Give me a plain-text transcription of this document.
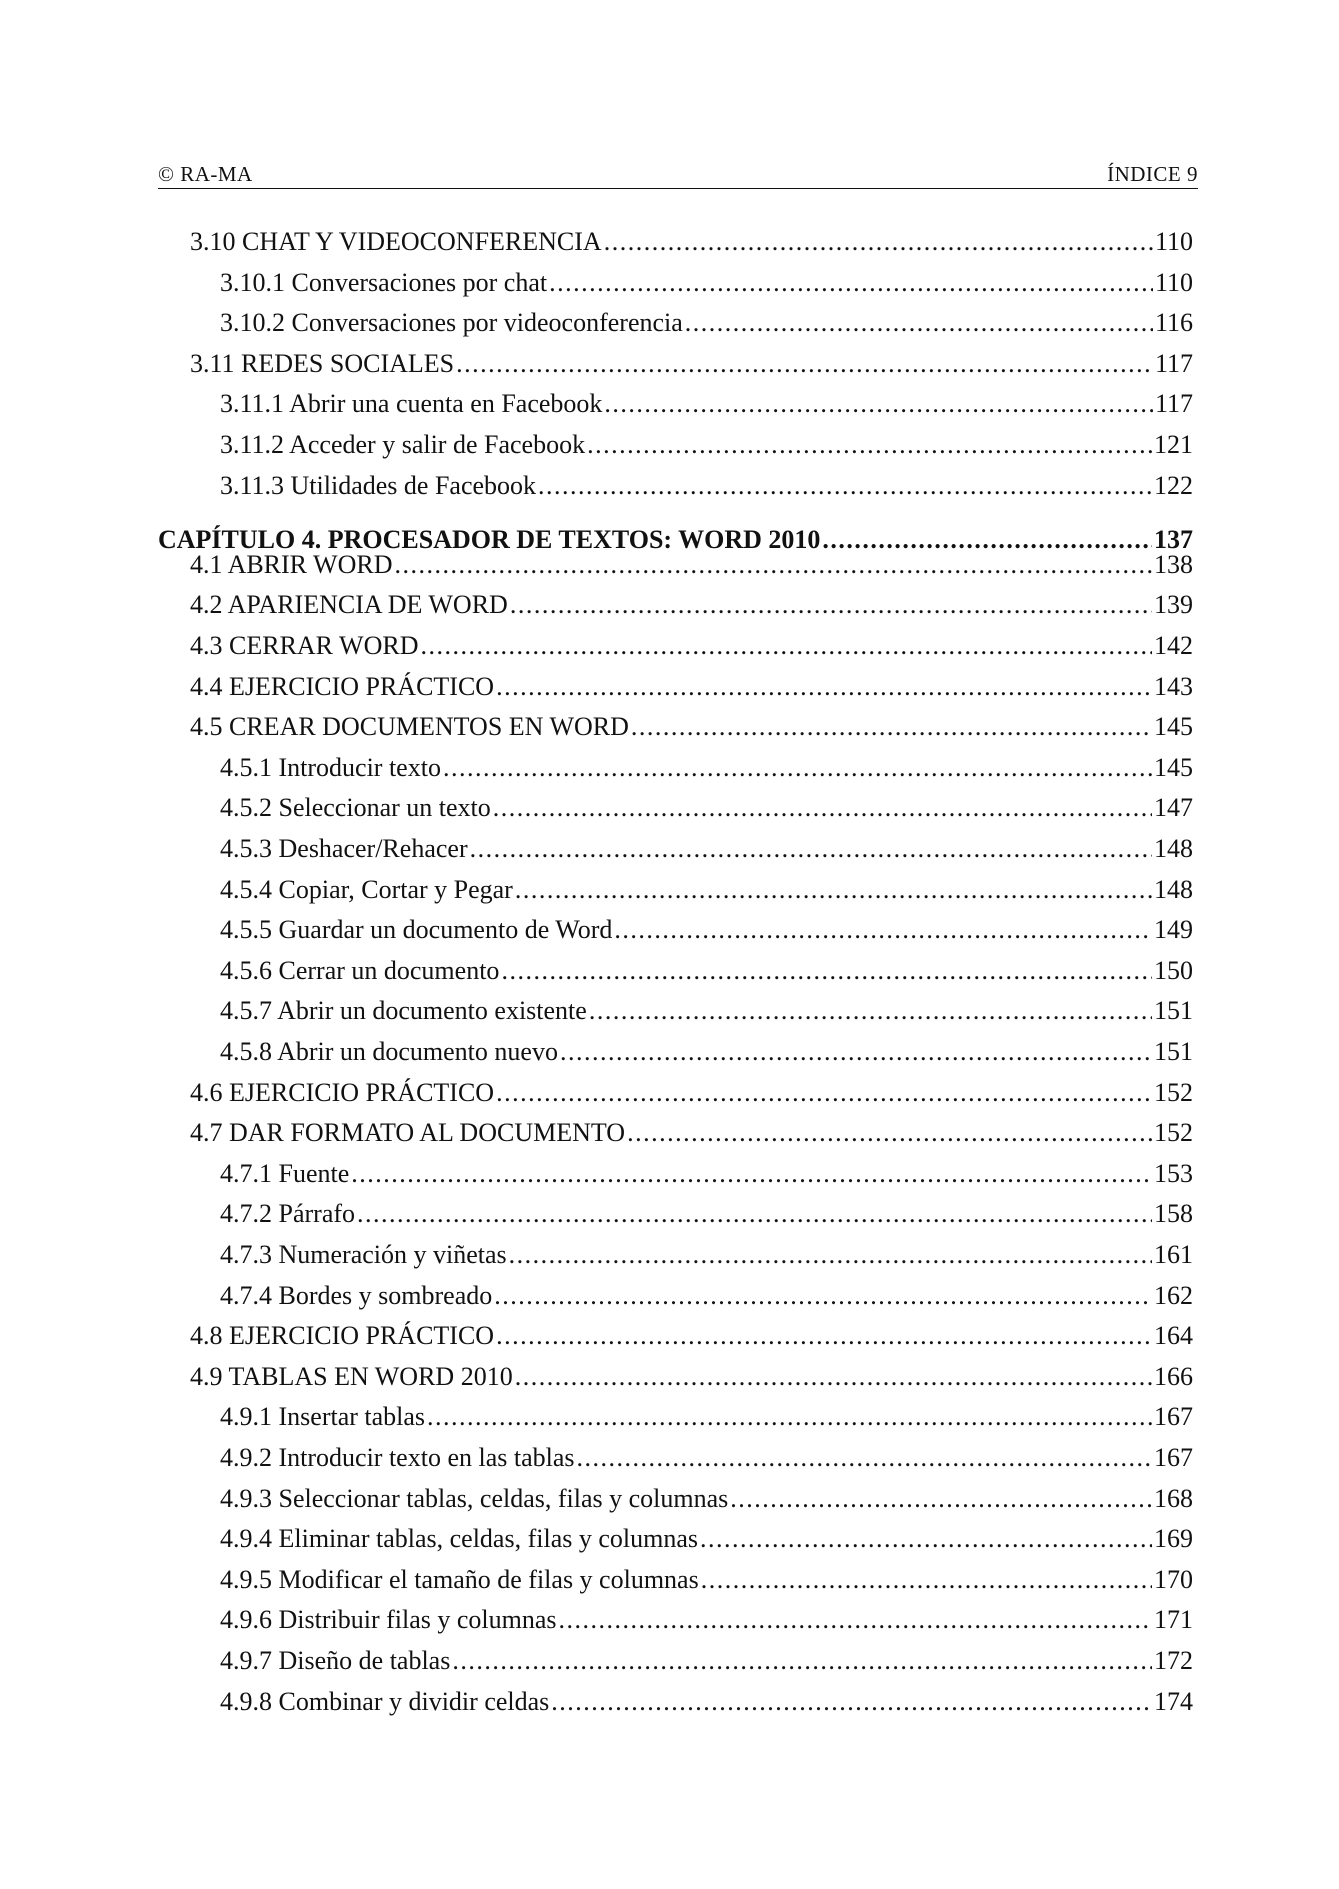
© RA-MA	ÍNDICE 9
3.10 CHAT Y VIDEOCONFERENCIA .....	110
3.10.1 Conversaciones por chat .....	110
3.10.2 Conversaciones por videoconferencia .....	116
3.11 REDES SOCIALES .....	117
3.11.1 Abrir una cuenta en Facebook .....	117
3.11.2 Acceder y salir de Facebook .....	121
3.11.3 Utilidades de Facebook .....	122
CAPÍTULO 4. PROCESADOR DE TEXTOS: WORD 2010 .....	137
4.1 ABRIR WORD .....	138
4.2 APARIENCIA DE WORD .....	139
4.3 CERRAR WORD .....	142
4.4 EJERCICIO PRÁCTICO .....	143
4.5 CREAR DOCUMENTOS EN WORD .....	145
4.5.1 Introducir texto .....	145
4.5.2 Seleccionar un texto .....	147
4.5.3 Deshacer/Rehacer .....	148
4.5.4 Copiar, Cortar y Pegar .....	148
4.5.5 Guardar un documento de Word .....	149
4.5.6 Cerrar un documento .....	150
4.5.7 Abrir un documento existente .....	151
4.5.8 Abrir un documento nuevo .....	151
4.6 EJERCICIO PRÁCTICO .....	152
4.7 DAR FORMATO AL DOCUMENTO .....	152
4.7.1 Fuente .....	153
4.7.2 Párrafo .....	158
4.7.3 Numeración y viñetas .....	161
4.7.4 Bordes y sombreado .....	162
4.8 EJERCICIO PRÁCTICO .....	164
4.9 TABLAS EN WORD 2010 .....	166
4.9.1 Insertar tablas .....	167
4.9.2 Introducir texto en las tablas .....	167
4.9.3 Seleccionar tablas, celdas, filas y columnas .....	168
4.9.4 Eliminar tablas, celdas, filas y columnas .....	169
4.9.5 Modificar el tamaño de filas y columnas .....	170
4.9.6 Distribuir filas y columnas .....	171
4.9.7 Diseño de tablas .....	172
4.9.8 Combinar y dividir celdas .....	174
